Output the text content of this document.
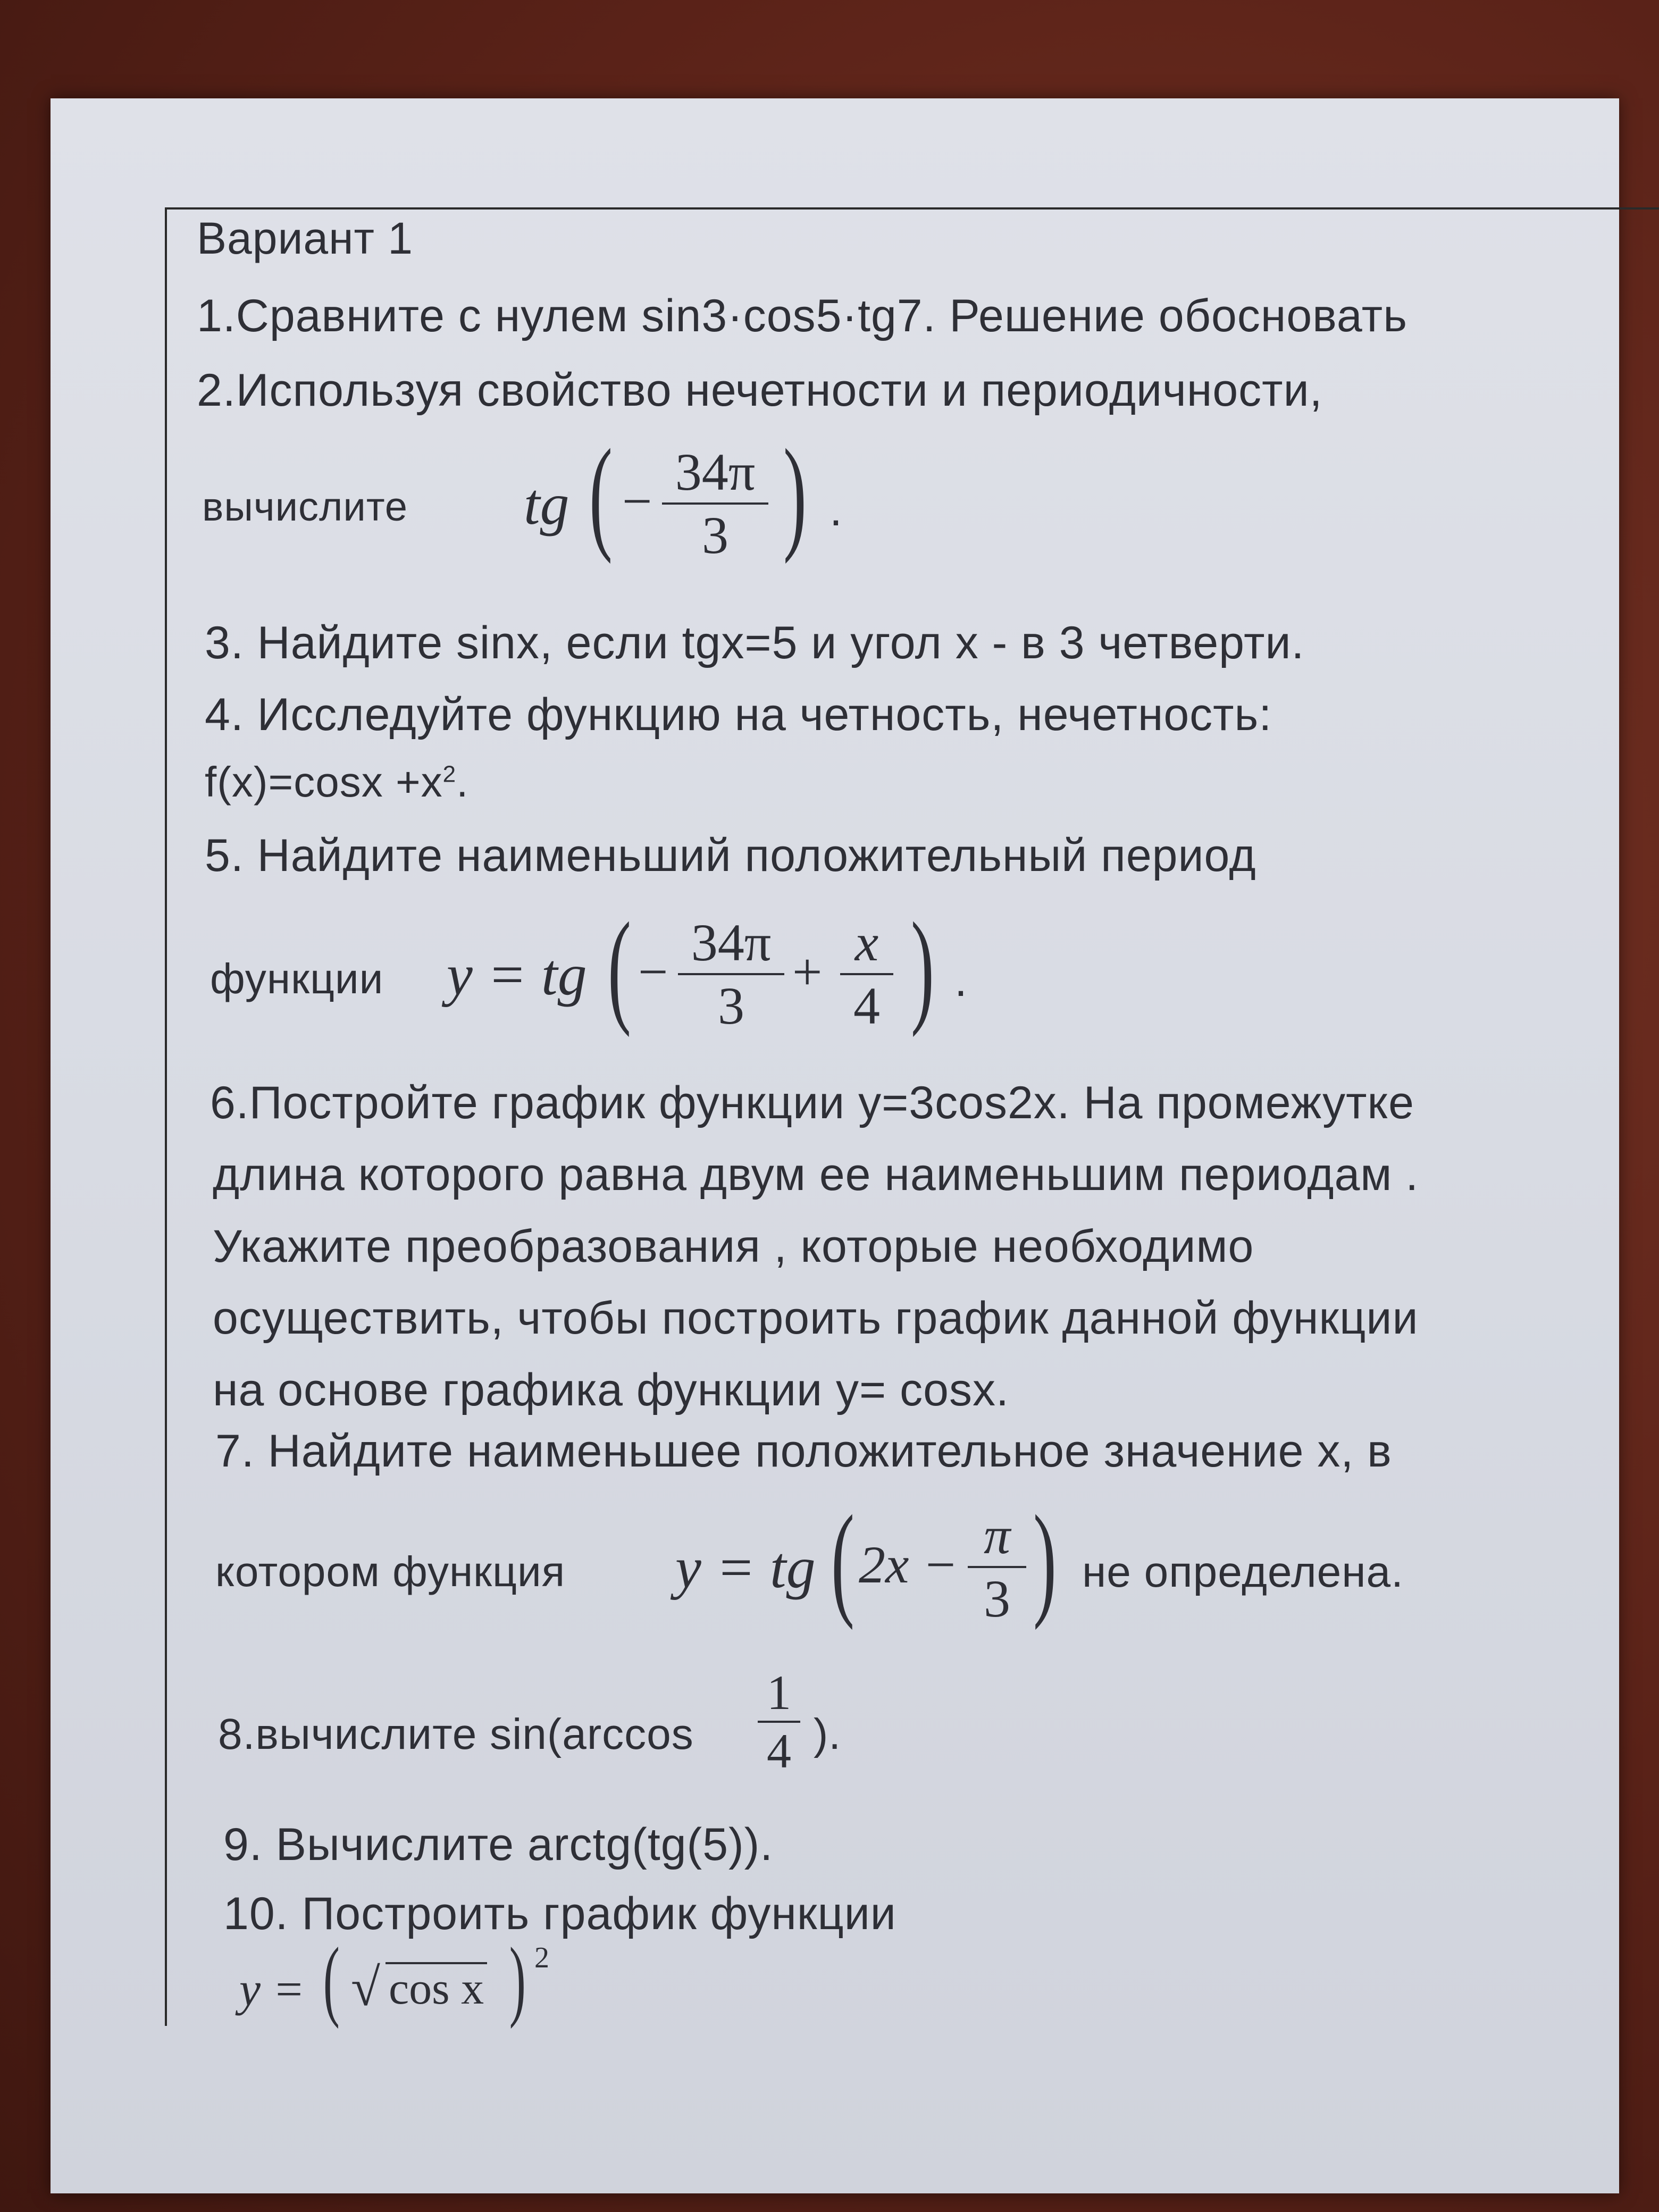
Вариант 1
1.Сравните с нулем sin3·cos5·tg7. Решение обосновать
2.Используя свойство нечетности и периодичности,
вычислите tg ( − 34π
3 ) .
3. Найдите sinx, если tgx=5 и угол x - в 3 четверти.
4. Исследуйте функцию на четность, нечетность:
$f(x)=\cos x +x^2$.
5. Найдите наименьший положительный период
функции y = tg ( − 34π
3
+ x
4 ) .
6.Постройте график функции y=3cos2x. На промежутке
длина которого равна двум ее наименьшим периодам .
Укажите преобразования , которые необходимо
осуществить, чтобы построить график данной функции
на основе графика функции y= cosx.
7. Найдите наименьшее положительное значение x, в
котором функция y = tg ( 2x − π
3 ) не определена.
8.вычислите sin(arccos
1
4 ).
9. Вычислите arctg(tg(5)).
10. Построить график функции
y = ( √ cos x ) 2
